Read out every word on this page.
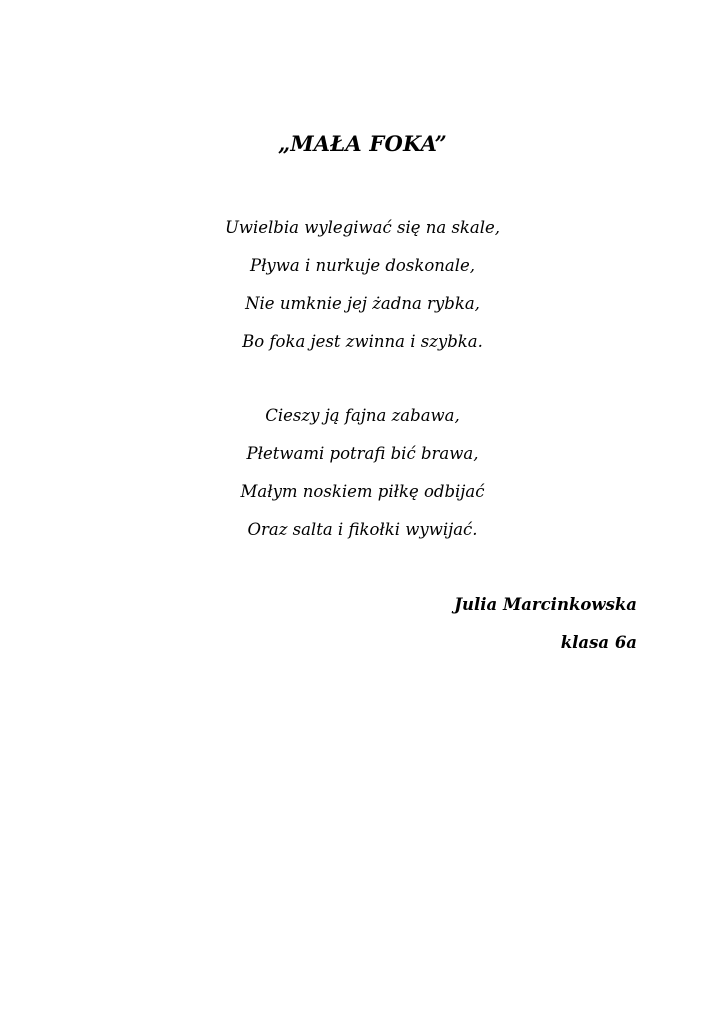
„MAŁA FOKA”
Uwielbia wylegiwać się na skale,
Pływa i nurkuje doskonale,
Nie umknie jej żadna rybka,
Bo foka jest zwinna i szybka.
Cieszy ją fajna zabawa,
Płetwami potrafi bić brawa,
Małym noskiem piłkę odbijać
Oraz salta i fikołki wywijać.
Julia Marcinkowska
klasa 6a
